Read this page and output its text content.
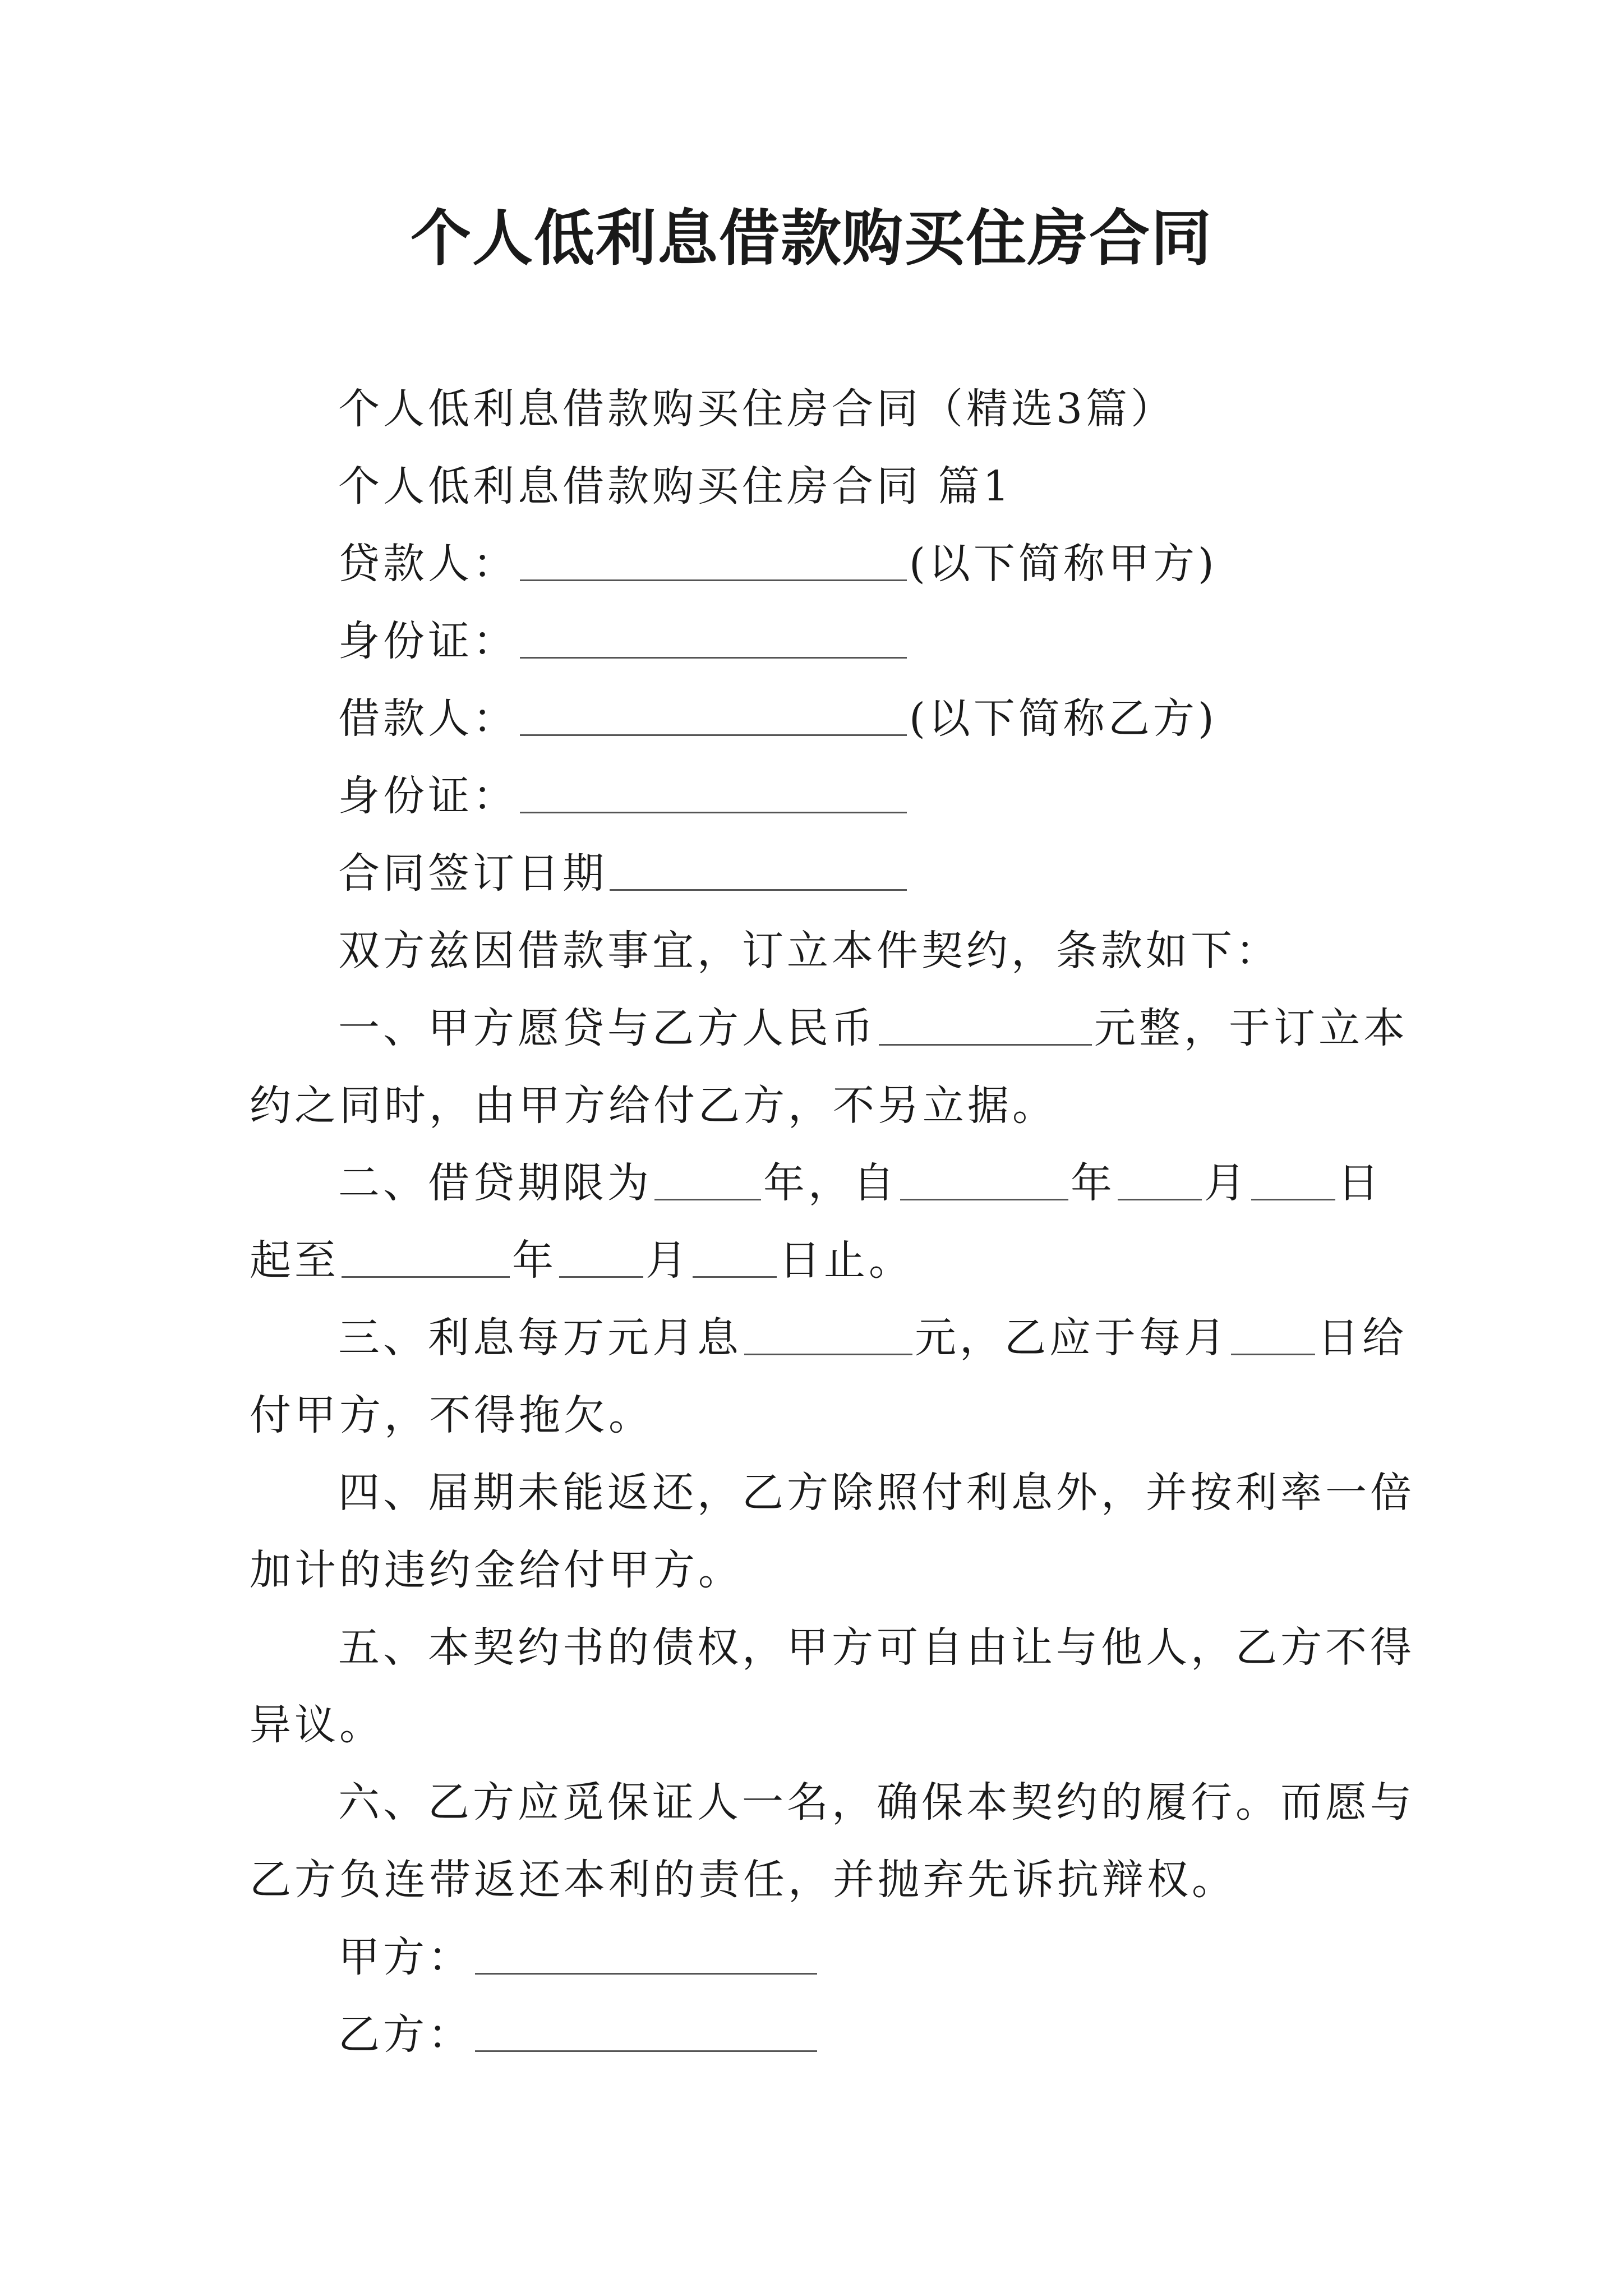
个人低利息借款购买住房合同

个人低利息借款购买住房合同（精选3篇）

个人低利息借款购买住房合同 篇1

贷款人：	(以下简称甲方)

身份证：

借款人：	(以下简称乙方)

身份证：

合同签订日期

双方兹因借款事宜，订立本件契约，条款如下：

一、甲方愿贷与乙方人民币	元整，于订立本

约之同时，由甲方给付乙方，不另立据。

二、借贷期限为	年，自	年 月 日

起至	年 月 日止。

三、利息每万元月息	元，乙应于每月 日给

付甲方，不得拖欠。

四、届期未能返还，乙方除照付利息外，并按利率一倍

加计的违约金给付甲方。

五、本契约书的债权，甲方可自由让与他人，乙方不得

异议。

六、乙方应觅保证人一名，确保本契约的履行。而愿与

乙方负连带返还本利的责任，并抛弃先诉抗辩权。

甲方：

乙方：
